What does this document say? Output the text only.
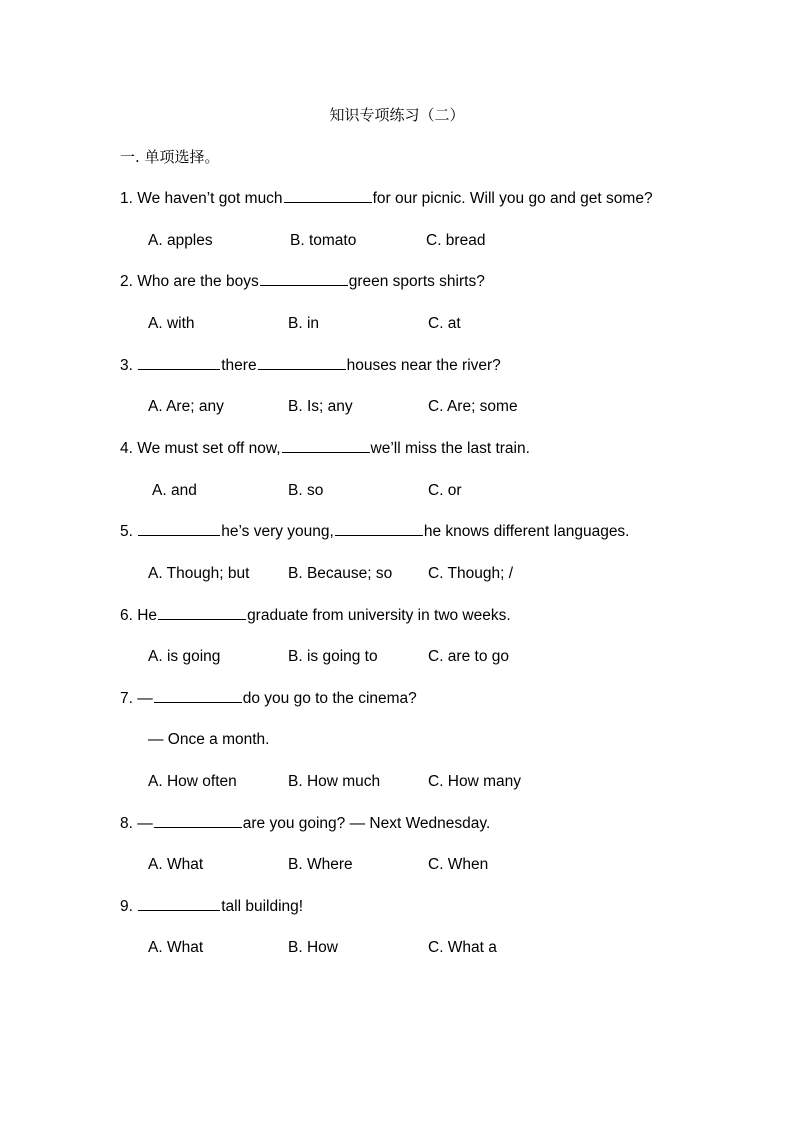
知识专项练习（二）
一. 单项选择。
1. We haven’t got much	for our picnic. Will you go and get some?
A. apples	B. tomato	C. bread
2. Who are the boys	green sports shirts?
A. with	B. in	C. at
3.	there	houses near the river?
A. Are; any	B. Is; any	C. Are; some
4. We must set off now,	we’ll miss the last train.
A. and	B. so	C. or
5.	he’s very young,	he knows different languages.
A. Though; but B. Because; so C. Though; /
6. He	graduate from university in two weeks.
A. is going	B. is going to	C. are to go
7. —	do you go to the cinema?
— Once a month.
A. How often	B. How much	C. How many
8. —	are you going? — Next Wednesday.
A. What	B. Where	C. When
9.	tall building!
A. What	B. How	C. What a
